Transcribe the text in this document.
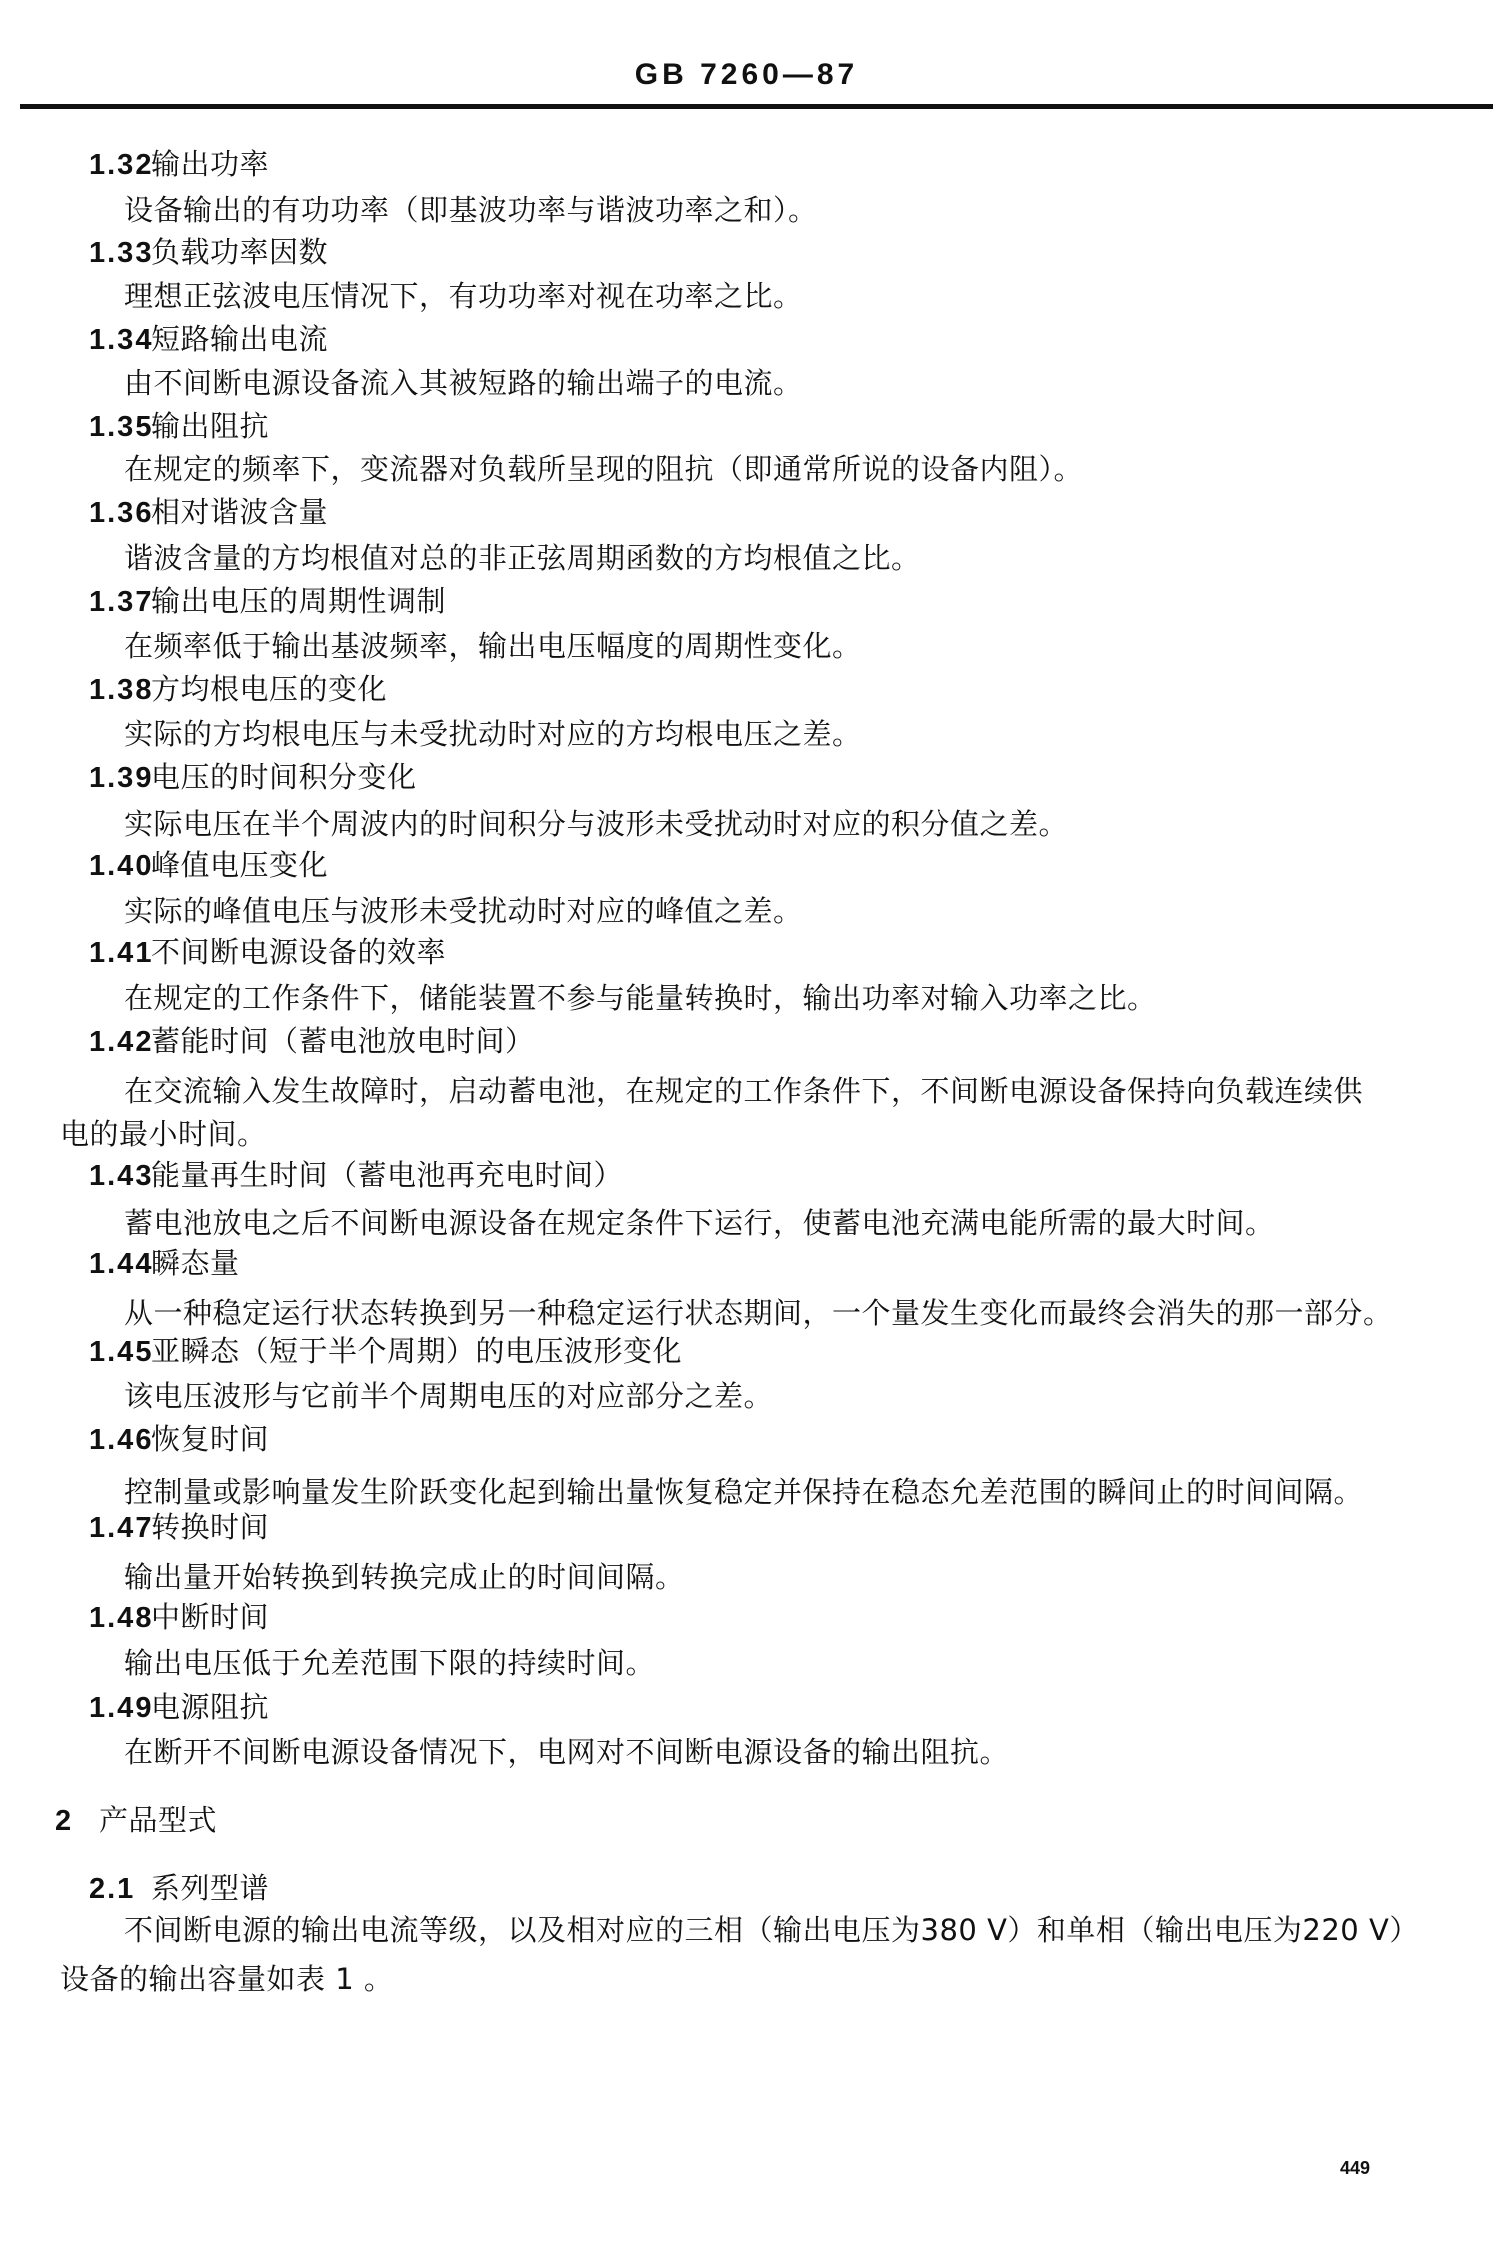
GB 7260—87
1.32输出功率
设备输出的有功功率（即基波功率与谐波功率之和）。
1.33负载功率因数
理想正弦波电压情况下，有功功率对视在功率之比。
1.34短路输出电流
由不间断电源设备流入其被短路的输出端子的电流。
1.35输出阻抗
在规定的频率下，变流器对负载所呈现的阻抗（即通常所说的设备内阻）。
1.36相对谐波含量
谐波含量的方均根值对总的非正弦周期函数的方均根值之比。
1.37输出电压的周期性调制
在频率低于输出基波频率，输出电压幅度的周期性变化。
1.38方均根电压的变化
实际的方均根电压与未受扰动时对应的方均根电压之差。
1.39电压的时间积分变化
实际电压在半个周波内的时间积分与波形未受扰动时对应的积分值之差。
1.40峰值电压变化
实际的峰值电压与波形未受扰动时对应的峰值之差。
1.41不间断电源设备的效率
在规定的工作条件下，储能装置不参与能量转换时，输出功率对输入功率之比。
1.42蓄能时间（蓄电池放电时间）
在交流输入发生故障时，启动蓄电池，在规定的工作条件下，不间断电源设备保持向负载连续供
电的最小时间。
1.43能量再生时间（蓄电池再充电时间）
蓄电池放电之后不间断电源设备在规定条件下运行，使蓄电池充满电能所需的最大时间。
1.44瞬态量
从一种稳定运行状态转换到另一种稳定运行状态期间，一个量发生变化而最终会消失的那一部分。
1.45亚瞬态（短于半个周期）的电压波形变化
该电压波形与它前半个周期电压的对应部分之差。
1.46恢复时间
控制量或影响量发生阶跃变化起到输出量恢复稳定并保持在稳态允差范围的瞬间止的时间间隔。
1.47转换时间
输出量开始转换到转换完成止的时间间隔。
1.48中断时间
输出电压低于允差范围下限的持续时间。
1.49电源阻抗
在断开不间断电源设备情况下，电网对不间断电源设备的输出阻抗。
2 产品型式
2.1 系列型谱
不间断电源的输出电流等级，以及相对应的三相（输出电压为380 V）和单相（输出电压为220 V）
设备的输出容量如表 1 。
449
